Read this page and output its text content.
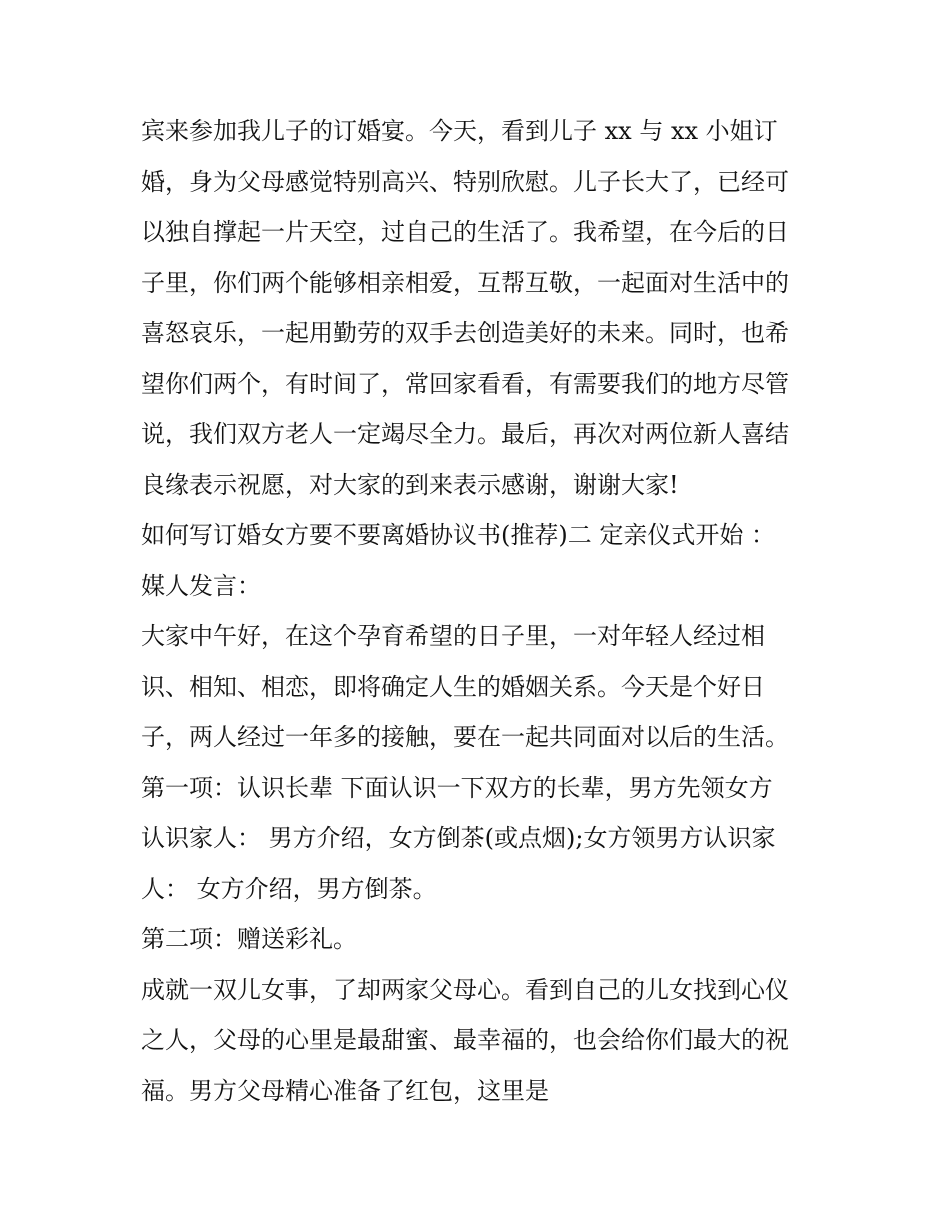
宾来参加我儿子的订婚宴。今天，看到儿子 xx 与 xx 小姐订
婚，身为父母感觉特别高兴、特别欣慰。儿子长大了，已经可
以独自撑起一片天空，过自己的生活了。我希望，在今后的日
子里，你们两个能够相亲相爱，互帮互敬，一起面对生活中的
喜怒哀乐，一起用勤劳的双手去创造美好的未来。同时，也希
望你们两个，有时间了，常回家看看，有需要我们的地方尽管
说，我们双方老人一定竭尽全力。最后，再次对两位新人喜结
良缘表示祝愿，对大家的到来表示感谢，谢谢大家!
如何写订婚女方要不要离婚协议书(推荐)二 定亲仪式开始 ：
媒人发言：
大家中午好，在这个孕育希望的日子里，一对年轻人经过相
识、相知、相恋，即将确定人生的婚姻关系。今天是个好日
子，两人经过一年多的接触，要在一起共同面对以后的生活。
第一项：认识长辈 下面认识一下双方的长辈，男方先领女方
认识家人： 男方介绍，女方倒茶(或点烟);女方领男方认识家
人： 女方介绍，男方倒茶。
第二项：赠送彩礼。
成就一双儿女事，了却两家父母心。看到自己的儿女找到心仪
之人，父母的心里是最甜蜜、最幸福的，也会给你们最大的祝
福。男方父母精心准备了红包，这里是
